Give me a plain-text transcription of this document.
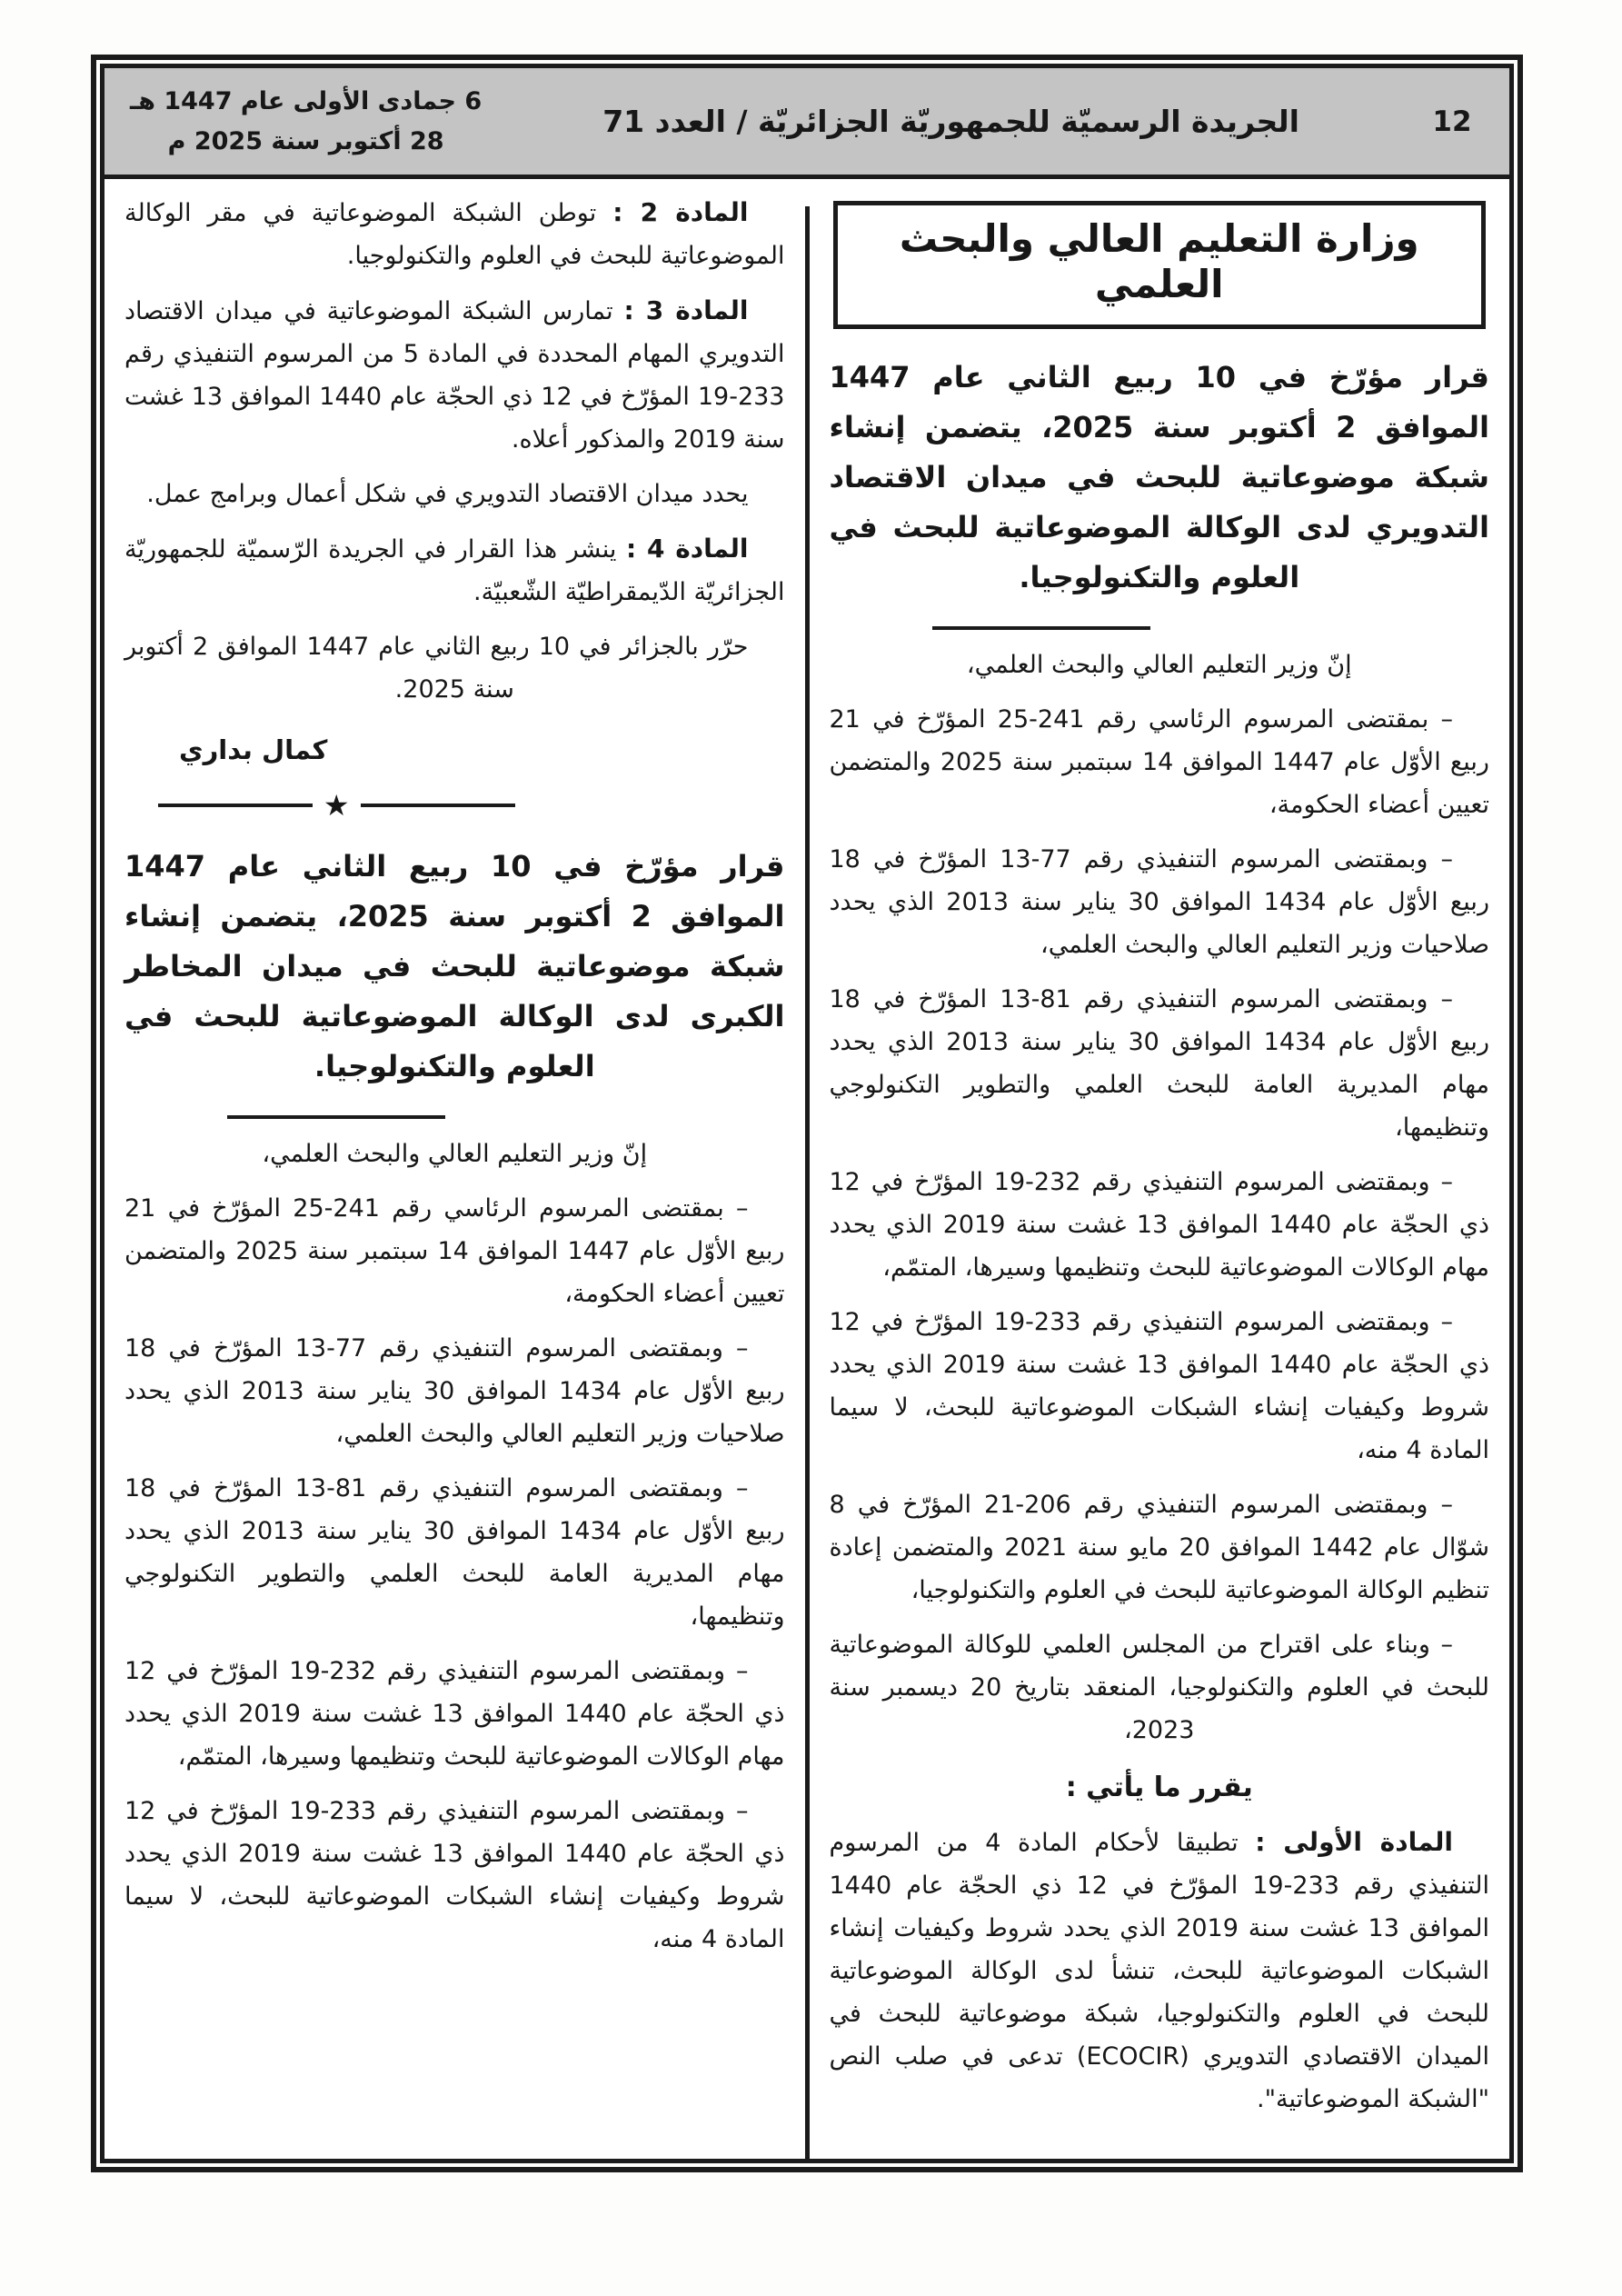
12
الجريدة الرسميّة للجمهوريّة الجزائريّة / العدد 71
6 جمادى الأولى عام 1447 هـ
28 أكتوبر سنة 2025 م
وزارة التعليم العالي والبحث العلمي

قرار مؤرّخ في 10 ربيع الثاني عام 1447 الموافق 2 أكتوبر سنة 2025، يتضمن إنشاء شبكة موضوعاتية للبحث في ميدان الاقتصاد التدويري لدى الوكالة الموضوعاتية للبحث في العلوم والتكنولوجيا.

إنّ وزير التعليم العالي والبحث العلمي،

– بمقتضى المرسوم الرئاسي رقم 241-25 المؤرّخ في 21 ربيع الأوّل عام 1447 الموافق 14 سبتمبر سنة 2025 والمتضمن تعيين أعضاء الحكومة،

– وبمقتضى المرسوم التنفيذي رقم 77-13 المؤرّخ في 18 ربيع الأوّل عام 1434 الموافق 30 يناير سنة 2013 الذي يحدد صلاحيات وزير التعليم العالي والبحث العلمي،

– وبمقتضى المرسوم التنفيذي رقم 81-13 المؤرّخ في 18 ربيع الأوّل عام 1434 الموافق 30 يناير سنة 2013 الذي يحدد مهام المديرية العامة للبحث العلمي والتطوير التكنولوجي وتنظيمها،

– وبمقتضى المرسوم التنفيذي رقم 232-19 المؤرّخ في 12 ذي الحجّة عام 1440 الموافق 13 غشت سنة 2019 الذي يحدد مهام الوكالات الموضوعاتية للبحث وتنظيمها وسيرها، المتمّم،

– وبمقتضى المرسوم التنفيذي رقم 233-19 المؤرّخ في 12 ذي الحجّة عام 1440 الموافق 13 غشت سنة 2019 الذي يحدد شروط وكيفيات إنشاء الشبكات الموضوعاتية للبحث، لا سيما المادة 4 منه،

– وبمقتضى المرسوم التنفيذي رقم 206-21 المؤرّخ في 8 شوّال عام 1442 الموافق 20 مايو سنة 2021 والمتضمن إعادة تنظيم الوكالة الموضوعاتية للبحث في العلوم والتكنولوجيا،

– وبناء على اقتراح من المجلس العلمي للوكالة الموضوعاتية للبحث في العلوم والتكنولوجيا، المنعقد بتاريخ 20 ديسمبر سنة 2023،

يقرر ما يأتي :

المادة الأولى : تطبيقا لأحكام المادة 4 من المرسوم التنفيذي رقم 233-19 المؤرّخ في 12 ذي الحجّة عام 1440 الموافق 13 غشت سنة 2019 الذي يحدد شروط وكيفيات إنشاء الشبكات الموضوعاتية للبحث، تنشأ لدى الوكالة الموضوعاتية للبحث في العلوم والتكنولوجيا، شبكة موضوعاتية للبحث في الميدان الاقتصادي التدويري (ECOCIR) تدعى في صلب النص "الشبكة الموضوعاتية".

المادة 2 : توطن الشبكة الموضوعاتية في مقر الوكالة الموضوعاتية للبحث في العلوم والتكنولوجيا.

المادة 3 : تمارس الشبكة الموضوعاتية في ميدان الاقتصاد التدويري المهام المحددة في المادة 5 من المرسوم التنفيذي رقم 233-19 المؤرّخ في 12 ذي الحجّة عام 1440 الموافق 13 غشت سنة 2019 والمذكور أعلاه.

يحدد ميدان الاقتصاد التدويري في شكل أعمال وبرامج عمل.

المادة 4 : ينشر هذا القرار في الجريدة الرّسميّة للجمهوريّة الجزائريّة الدّيمقراطيّة الشّعبيّة.

حرّر بالجزائر في 10 ربيع الثاني عام 1447 الموافق 2 أكتوبر سنة 2025.

كمال بداري

★

قرار مؤرّخ في 10 ربيع الثاني عام 1447 الموافق 2 أكتوبر سنة 2025، يتضمن إنشاء شبكة موضوعاتية للبحث في ميدان المخاطر الكبرى لدى الوكالة الموضوعاتية للبحث في العلوم والتكنولوجيا.

إنّ وزير التعليم العالي والبحث العلمي،

– بمقتضى المرسوم الرئاسي رقم 241-25 المؤرّخ في 21 ربيع الأوّل عام 1447 الموافق 14 سبتمبر سنة 2025 والمتضمن تعيين أعضاء الحكومة،

– وبمقتضى المرسوم التنفيذي رقم 77-13 المؤرّخ في 18 ربيع الأوّل عام 1434 الموافق 30 يناير سنة 2013 الذي يحدد صلاحيات وزير التعليم العالي والبحث العلمي،

– وبمقتضى المرسوم التنفيذي رقم 81-13 المؤرّخ في 18 ربيع الأوّل عام 1434 الموافق 30 يناير سنة 2013 الذي يحدد مهام المديرية العامة للبحث العلمي والتطوير التكنولوجي وتنظيمها،

– وبمقتضى المرسوم التنفيذي رقم 232-19 المؤرّخ في 12 ذي الحجّة عام 1440 الموافق 13 غشت سنة 2019 الذي يحدد مهام الوكالات الموضوعاتية للبحث وتنظيمها وسيرها، المتمّم،

– وبمقتضى المرسوم التنفيذي رقم 233-19 المؤرّخ في 12 ذي الحجّة عام 1440 الموافق 13 غشت سنة 2019 الذي يحدد شروط وكيفيات إنشاء الشبكات الموضوعاتية للبحث، لا سيما المادة 4 منه،
